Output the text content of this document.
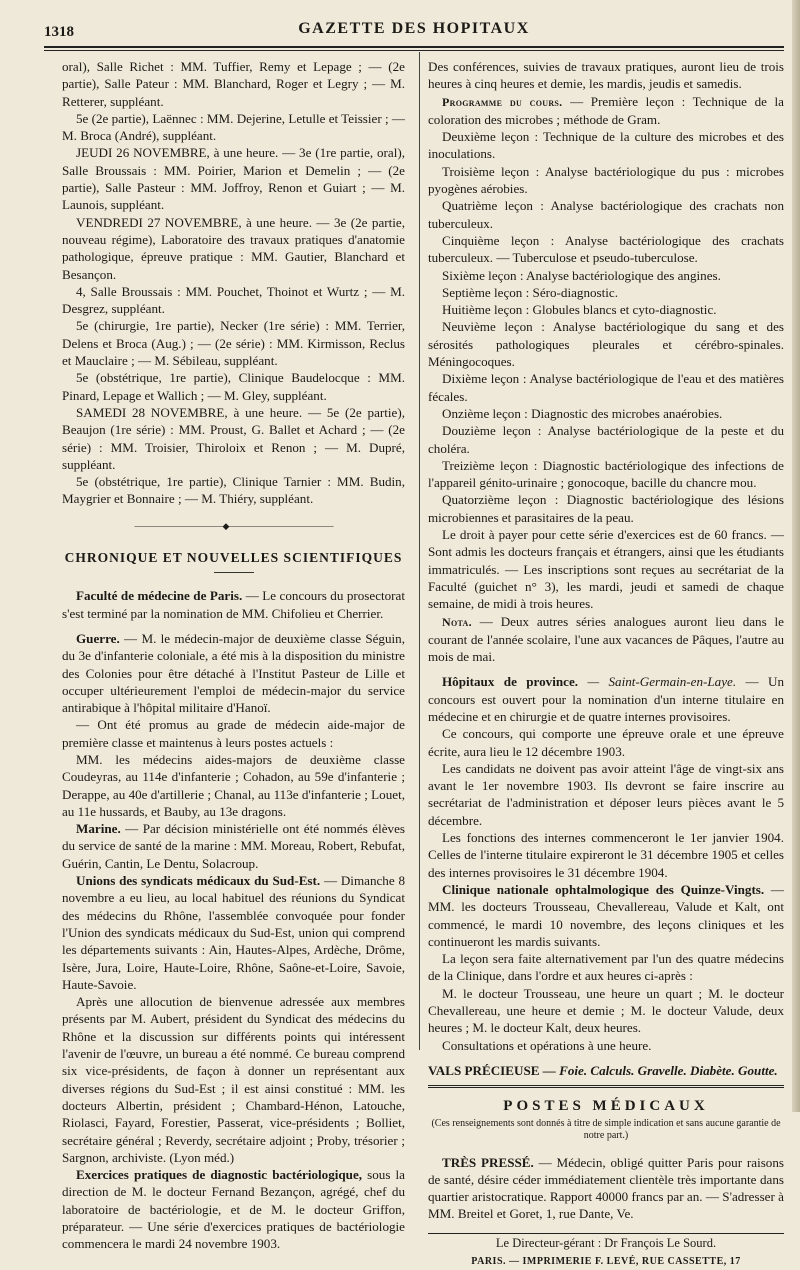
1318	GAZETTE DES HOPITAUX

oral), Salle Richet : MM. Tuffier, Remy et Lepage ; — (2e partie), Salle Pateur : MM. Blanchard, Roger et Legry ; — M. Retterer, suppléant.

5e (2e partie), Laënnec : MM. Dejerine, Letulle et Teissier ; — M. Broca (André), suppléant.

JEUDI 26 NOVEMBRE, à une heure. — 3e (1re partie, oral), Salle Broussais : MM. Poirier, Marion et Demelin ; — (2e partie), Salle Pasteur : MM. Joffroy, Renon et Guiart ; — M. Launois, suppléant.

VENDREDI 27 NOVEMBRE, à une heure. — 3e (2e partie, nouveau régime), Laboratoire des travaux pratiques d'anatomie pathologique, épreuve pratique : MM. Gautier, Blanchard et Besançon.

4, Salle Broussais : MM. Pouchet, Thoinot et Wurtz ; — M. Desgrez, suppléant.

5e (chirurgie, 1re partie), Necker (1re série) : MM. Terrier, Delens et Broca (Aug.) ; — (2e série) : MM. Kirmisson, Reclus et Mauclaire ; — M. Sébileau, suppléant.

5e (obstétrique, 1re partie), Clinique Baudelocque : MM. Pinard, Lepage et Wallich ; — M. Gley, suppléant.

SAMEDI 28 NOVEMBRE, à une heure. — 5e (2e partie), Beaujon (1re série) : MM. Proust, G. Ballet et Achard ; — (2e série) : MM. Troisier, Thiroloix et Renon ; — M. Dupré, suppléant.

5e (obstétrique, 1re partie), Clinique Tarnier : MM. Budin, Maygrier et Bonnaire ; — M. Thiéry, suppléant.

———————————◆—————————————
CHRONIQUE ET NOUVELLES SCIENTIFIQUES

Faculté de médecine de Paris. — Le concours du prosectorat s'est terminé par la nomination de MM. Chifolieu et Cherrier.

Guerre. — M. le médecin-major de deuxième classe Séguin, du 3e d'infanterie coloniale, a été mis à la disposition du ministre des Colonies pour être détaché à l'Institut Pasteur de Lille et occuper ultérieurement l'emploi de médecin-major du service antirabique à l'hôpital militaire d'Hanoï.

— Ont été promus au grade de médecin aide-major de première classe et maintenus à leurs postes actuels :

MM. les médecins aides-majors de deuxième classe Coudeyras, au 114e d'infanterie ; Cohadon, au 59e d'infanterie ; Derappe, au 40e d'artillerie ; Chanal, au 113e d'infanterie ; Louet, au 11e hussards, et Bauby, au 13e dragons.

Marine. — Par décision ministérielle ont été nommés élèves du service de santé de la marine : MM. Moreau, Robert, Rebufat, Guérin, Cantin, Le Dentu, Solacroup.

Unions des syndicats médicaux du Sud-Est. — Dimanche 8 novembre a eu lieu, au local habituel des réunions du Syndicat des médecins du Rhône, l'assemblée convoquée pour fonder l'Union des syndicats médicaux du Sud-Est, union qui comprend les départements suivants : Ain, Hautes-Alpes, Ardèche, Drôme, Isère, Jura, Loire, Haute-Loire, Rhône, Saône-et-Loire, Savoie, Haute-Savoie.

Après une allocution de bienvenue adressée aux membres présents par M. Aubert, président du Syndicat des médecins du Rhône et la discussion sur différents points qui intéressent l'avenir de l'œuvre, un bureau a été nommé. Ce bureau comprend six vice-présidents, de façon à donner un représentant aux diverses régions du Sud-Est ; il est ainsi constitué : MM. les docteurs Albertin, président ; Chambard-Hénon, Latouche, Riolasci, Fayard, Forestier, Passerat, vice-présidents ; Bolliet, secrétaire général ; Reverdy, secrétaire adjoint ; Proby, trésorier ; Sargnon, archiviste. (Lyon méd.)

Exercices pratiques de diagnostic bactériologique, sous la direction de M. le docteur Fernand Bezançon, agrégé, chef du laboratoire de bactériologie, et de M. le docteur Griffon, préparateur. — Une série d'exercices pratiques de bactériologie commencera le mardi 24 novembre 1903.

Des conférences, suivies de travaux pratiques, auront lieu de trois heures à cinq heures et demie, les mardis, jeudis et samedis.

Programme du cours. — Première leçon : Technique de la coloration des microbes ; méthode de Gram.

Deuxième leçon : Technique de la culture des microbes et des inoculations.

Troisième leçon : Analyse bactériologique du pus : microbes pyogènes aérobies.

Quatrième leçon : Analyse bactériologique des crachats non tuberculeux.

Cinquième leçon : Analyse bactériologique des crachats tuberculeux. — Tuberculose et pseudo-tuberculose.

Sixième leçon : Analyse bactériologique des angines.

Septième leçon : Séro-diagnostic.

Huitième leçon : Globules blancs et cyto-diagnostic.

Neuvième leçon : Analyse bactériologique du sang et des sérosités pathologiques pleurales et cérébro-spinales. Méningocoques.

Dixième leçon : Analyse bactériologique de l'eau et des matières fécales.

Onzième leçon : Diagnostic des microbes anaérobies.

Douzième leçon : Analyse bactériologique de la peste et du choléra.

Treizième leçon : Diagnostic bactériologique des infections de l'appareil génito-urinaire ; gonocoque, bacille du chancre mou.

Quatorzième leçon : Diagnostic bactériologique des lésions microbiennes et parasitaires de la peau.

Le droit à payer pour cette série d'exercices est de 60 francs. — Sont admis les docteurs français et étrangers, ainsi que les étudiants immatriculés. — Les inscriptions sont reçues au secrétariat de la Faculté (guichet n° 3), les mardi, jeudi et samedi de chaque semaine, de midi à trois heures.

Nota. — Deux autres séries analogues auront lieu dans le courant de l'année scolaire, l'une aux vacances de Pâques, l'autre au mois de mai.

Hôpitaux de province. — Saint-Germain-en-Laye. — Un concours est ouvert pour la nomination d'un interne titulaire en médecine et en chirurgie et de quatre internes provisoires.

Ce concours, qui comporte une épreuve orale et une épreuve écrite, aura lieu le 12 décembre 1903.

Les candidats ne doivent pas avoir atteint l'âge de vingt-six ans avant le 1er novembre 1903. Ils devront se faire inscrire au secrétariat de l'administration et déposer leurs pièces avant le 5 décembre.

Les fonctions des internes commenceront le 1er janvier 1904. Celles de l'interne titulaire expireront le 31 décembre 1905 et celles des internes provisoires le 31 décembre 1904.

Clinique nationale ophtalmologique des Quinze-Vingts. — MM. les docteurs Trousseau, Chevallereau, Valude et Kalt, ont commencé, le mardi 10 novembre, des leçons cliniques et les continueront les mardis suivants.

La leçon sera faite alternativement par l'un des quatre médecins de la Clinique, dans l'ordre et aux heures ci-après :

M. le docteur Trousseau, une heure un quart ; M. le docteur Chevallereau, une heure et demie ; M. le docteur Valude, deux heures ; M. le docteur Kalt, deux heures.

Consultations et opérations à une heure.

VALS PRÉCIEUSE — Foie. Calculs. Gravelle. Diabète. Goutte.

POSTES MÉDICAUX
(Ces renseignements sont donnés à titre de simple indication et sans aucune garantie de notre part.)

TRÈS PRESSÉ. — Médecin, obligé quitter Paris pour raisons de santé, désire céder immédiatement clientèle très importante dans quartier aristocratique. Rapport 40000 francs par an. — S'adresser à MM. Breitel et Goret, 1, rue Dante, Ve.

Le Directeur-gérant : Dr François Le Sourd.
PARIS. — IMPRIMERIE F. LEVÉ, RUE CASSETTE, 17
